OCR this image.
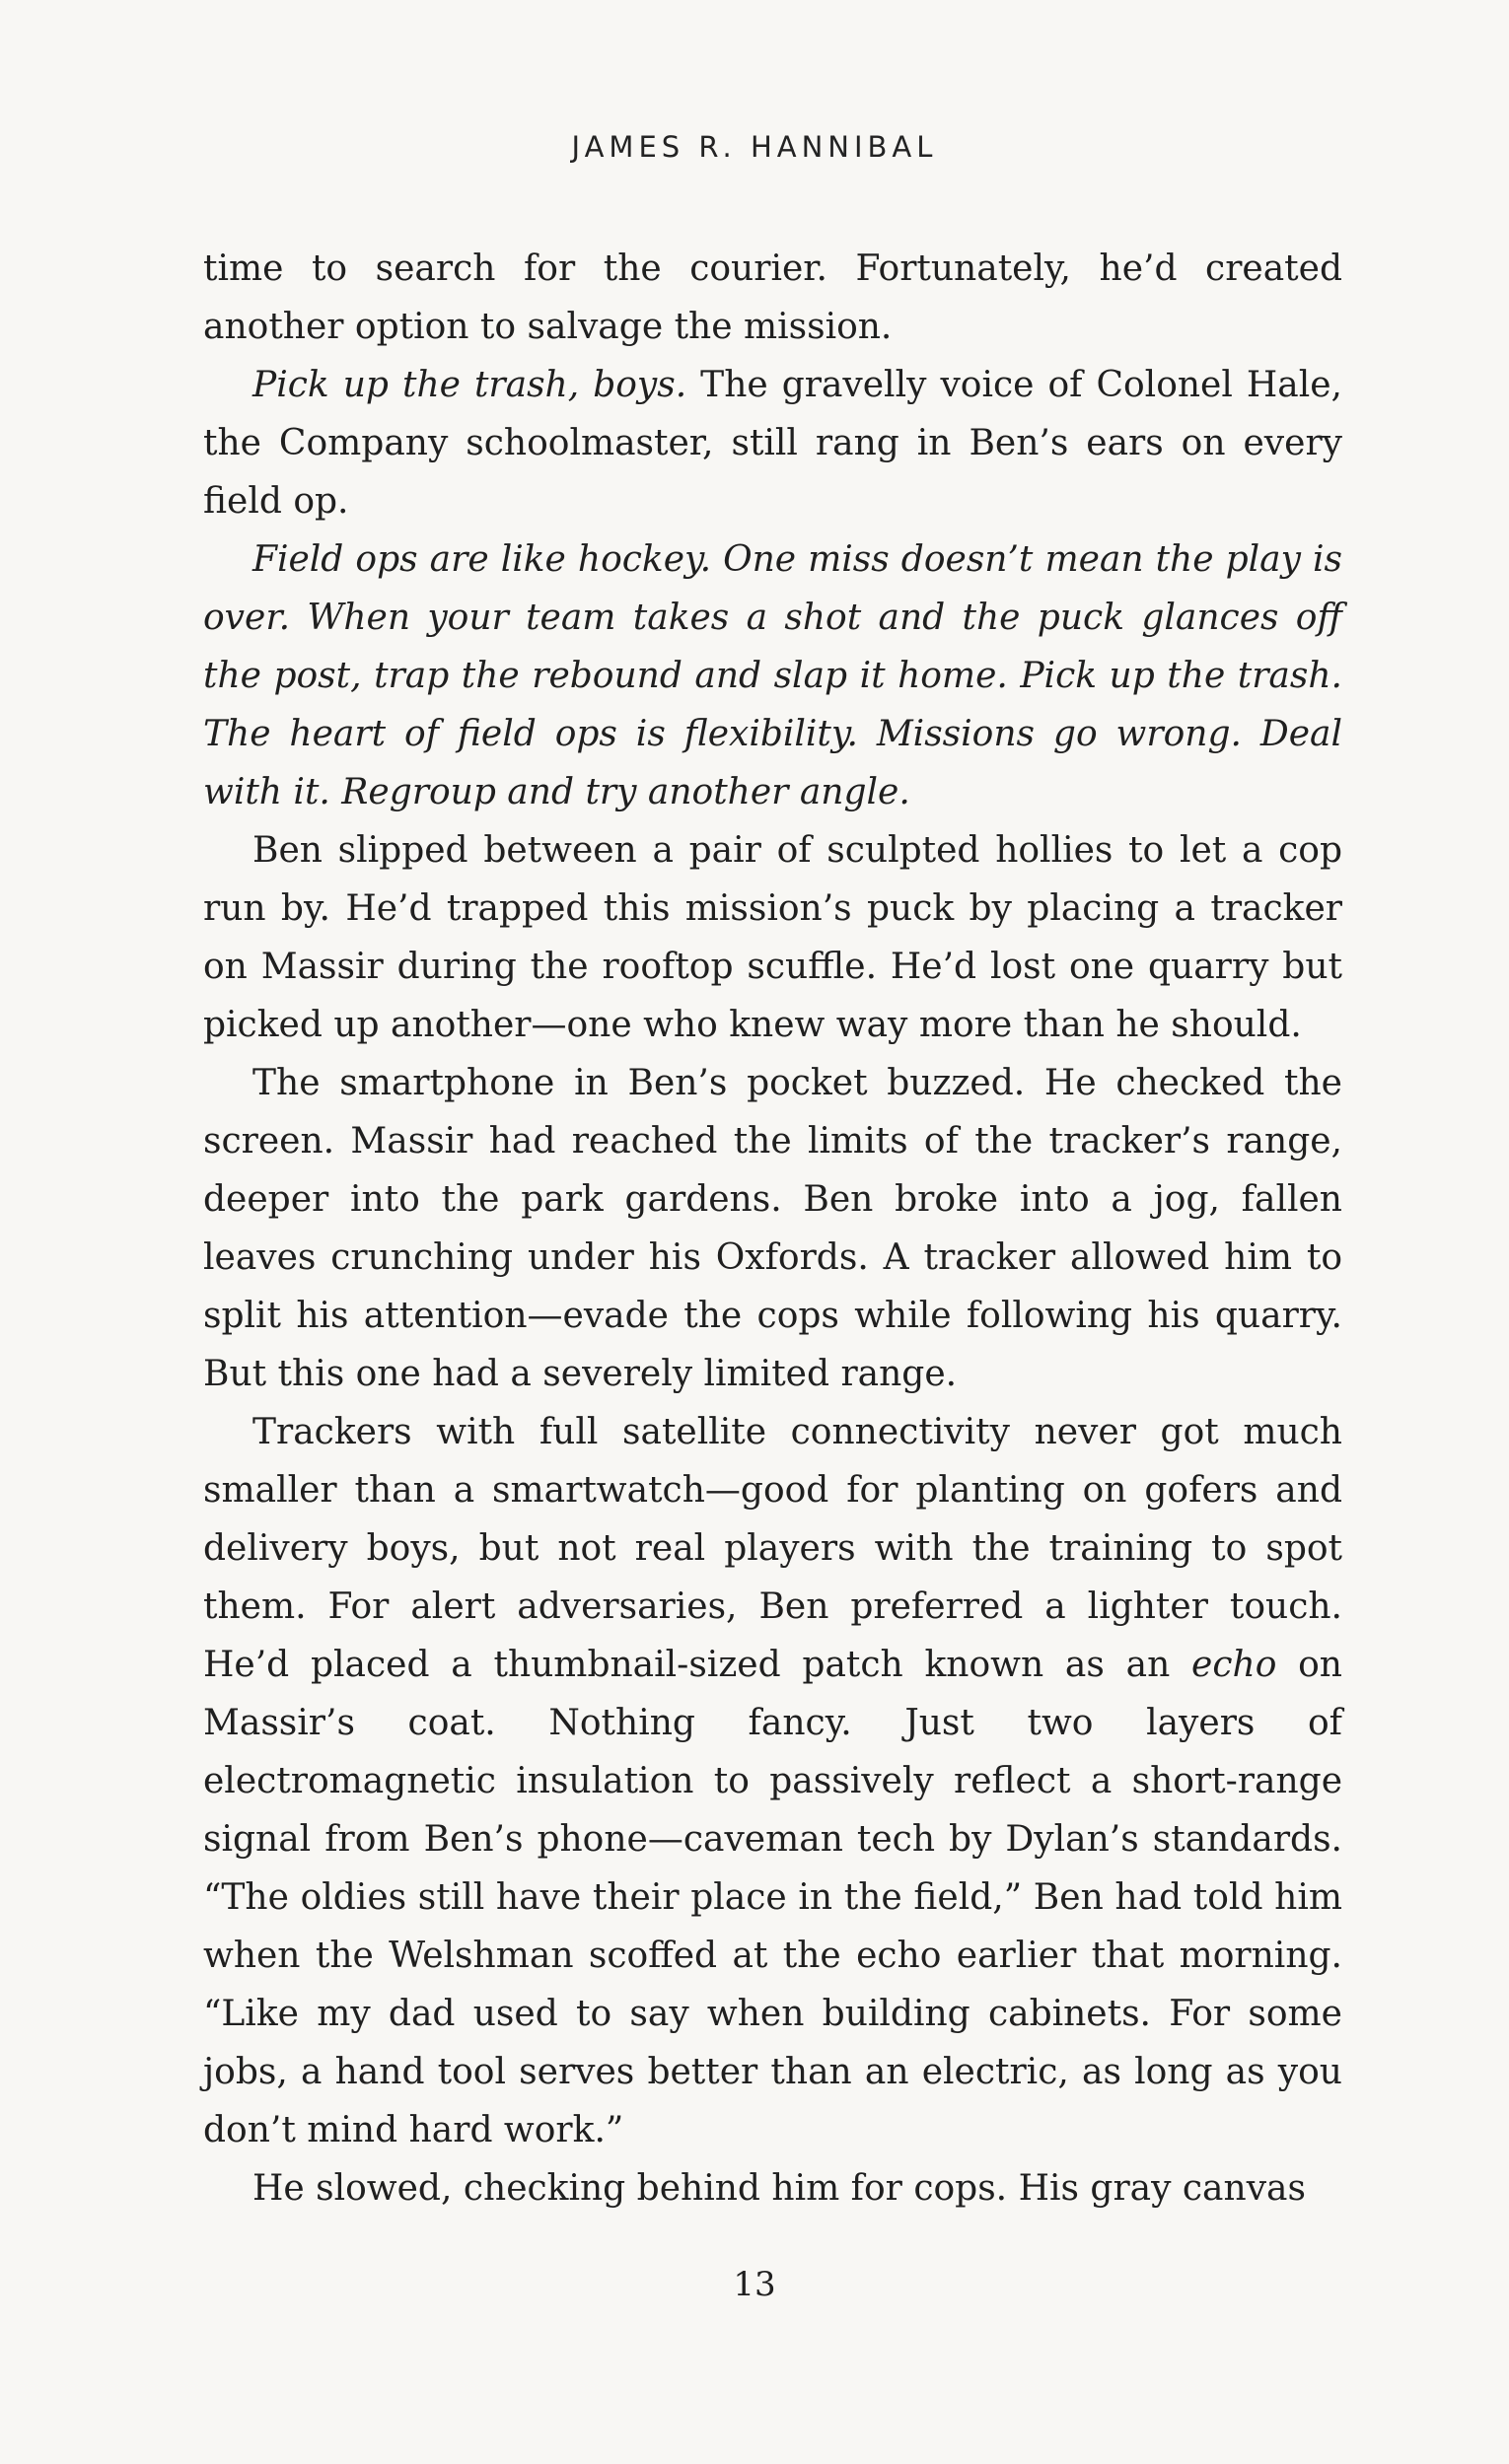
JAMES R. HANNIBAL

time to search for the courier. Fortunately, he’d created another option to salvage the mission.

Pick up the trash, boys. The gravelly voice of Colonel Hale, the Company schoolmaster, still rang in Ben’s ears on every field op.

Field ops are like hockey. One miss doesn’t mean the play is over. When your team takes a shot and the puck glances off the post, trap the rebound and slap it home. Pick up the trash. The heart of field ops is flexibility. Missions go wrong. Deal with it. Regroup and try another angle.

Ben slipped between a pair of sculpted hollies to let a cop run by. He’d trapped this mission’s puck by placing a tracker on Massir during the rooftop scuffle. He’d lost one quarry but picked up another—one who knew way more than he should.

The smartphone in Ben’s pocket buzzed. He checked the screen. Massir had reached the limits of the tracker’s range, deeper into the park gardens. Ben broke into a jog, fallen leaves crunching under his Oxfords. A tracker allowed him to split his attention—evade the cops while following his quarry. But this one had a severely limited range.

Trackers with full satellite connectivity never got much smaller than a smartwatch—good for planting on gofers and delivery boys, but not real players with the training to spot them. For alert adversaries, Ben preferred a lighter touch. He’d placed a thumbnail-sized patch known as an echo on Massir’s coat. Nothing fancy. Just two layers of electromagnetic insulation to passively reflect a short-range signal from Ben’s phone—caveman tech by Dylan’s standards. “The oldies still have their place in the field,” Ben had told him when the Welshman scoffed at the echo earlier that morning. “Like my dad used to say when building cabinets. For some jobs, a hand tool serves better than an electric, as long as you don’t mind hard work.”

He slowed, checking behind him for cops. His gray canvas

13
